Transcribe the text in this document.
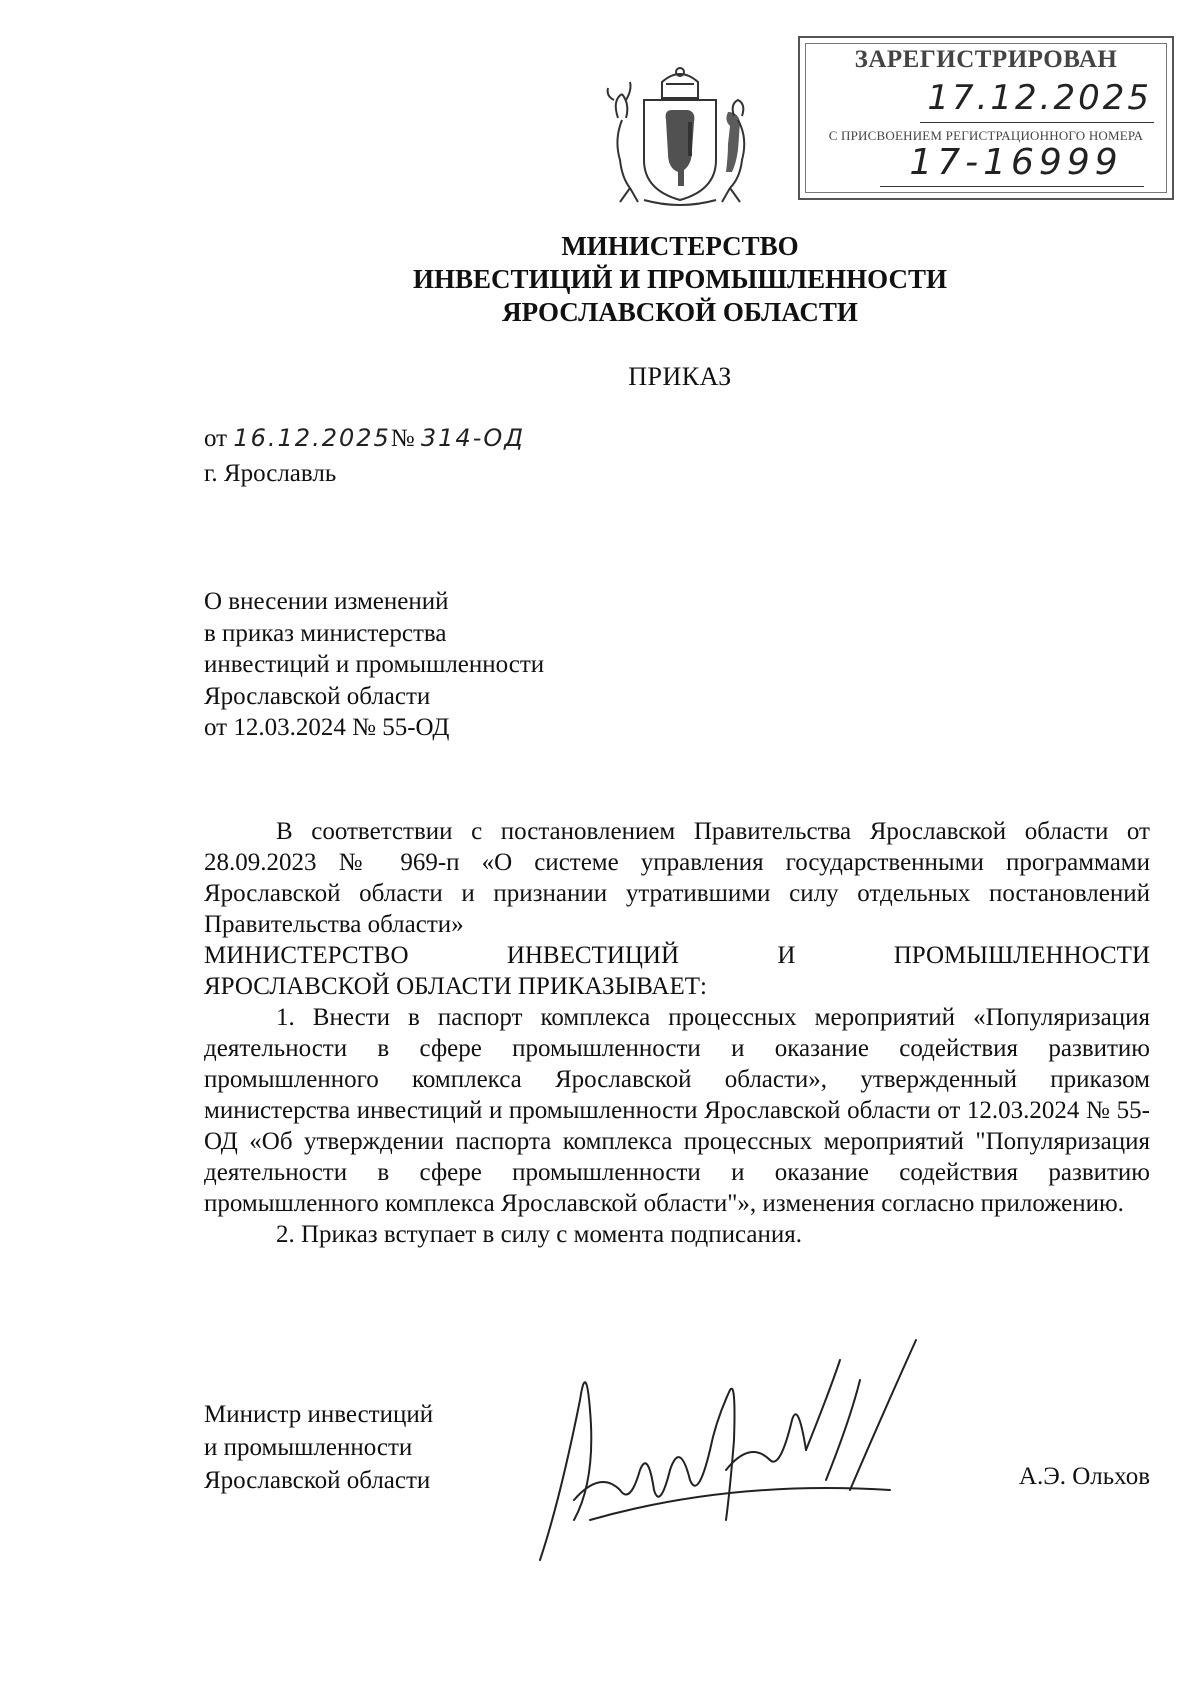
ЗАРЕГИСТРИРОВАН
17.12.2025
С ПРИСВОЕНИЕМ РЕГИСТРАЦИОННОГО НОМЕРА
17-16999
МИНИСТЕРСТВО
ИНВЕСТИЦИЙ И ПРОМЫШЛЕННОСТИ
ЯРОСЛАВСКОЙ ОБЛАСТИ
ПРИКАЗ
от 16.12.2025№ 314-ОД
г. Ярославль
О внесении изменений
в приказ министерства
инвестиций и промышленности
Ярославской области
от 12.03.2024 № 55-ОД

В соответствии с постановлением Правительства Ярославской области от 28.09.2023 № 969-п «О системе управления государственными программами Ярославской области и признании утратившими силу отдельных постановлений Правительства области»

МИНИСТЕРСТВО ИНВЕСТИЦИЙ И ПРОМЫШЛЕННОСТИ

ЯРОСЛАВСКОЙ ОБЛАСТИ ПРИКАЗЫВАЕТ:

1. Внести в паспорт комплекса процессных мероприятий «Популяризация деятельности в сфере промышленности и оказание содействия развитию промышленного комплекса Ярославской области», утвержденный приказом министерства инвестиций и промышленности Ярославской области от 12.03.2024 № 55-ОД «Об утверждении паспорта комплекса процессных мероприятий "Популяризация деятельности в сфере промышленности и оказание содействия развитию промышленного комплекса Ярославской области"», изменения согласно приложению.

2. Приказ вступает в силу с момента подписания.

Министр инвестиций
и промышленности
Ярославской области	А.Э. Ольхов
